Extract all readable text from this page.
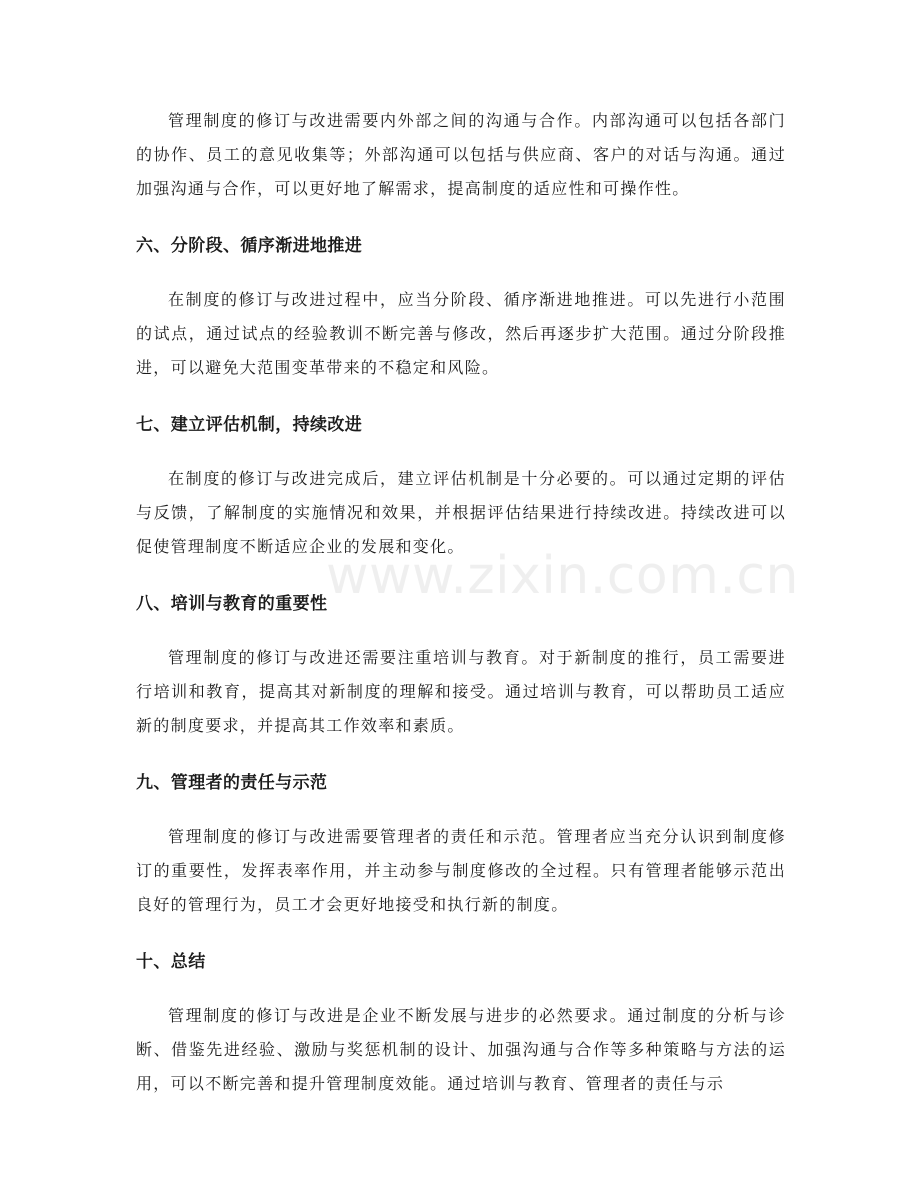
管理制度的修订与改进需要内外部之间的沟通与合作。内部沟通可以包括各部门的协作、员工的意见收集等；外部沟通可以包括与供应商、客户的对话与沟通。通过加强沟通与合作，可以更好地了解需求，提高制度的适应性和可操作性。

六、分阶段、循序渐进地推进

在制度的修订与改进过程中，应当分阶段、循序渐进地推进。可以先进行小范围的试点，通过试点的经验教训不断完善与修改，然后再逐步扩大范围。通过分阶段推进，可以避免大范围变革带来的不稳定和风险。

七、建立评估机制，持续改进

在制度的修订与改进完成后，建立评估机制是十分必要的。可以通过定期的评估与反馈，了解制度的实施情况和效果，并根据评估结果进行持续改进。持续改进可以促使管理制度不断适应企业的发展和变化。

八、培训与教育的重要性

管理制度的修订与改进还需要注重培训与教育。对于新制度的推行，员工需要进行培训和教育，提高其对新制度的理解和接受。通过培训与教育，可以帮助员工适应新的制度要求，并提高其工作效率和素质。

九、管理者的责任与示范

管理制度的修订与改进需要管理者的责任和示范。管理者应当充分认识到制度修订的重要性，发挥表率作用，并主动参与制度修改的全过程。只有管理者能够示范出良好的管理行为，员工才会更好地接受和执行新的制度。

十、总结

管理制度的修订与改进是企业不断发展与进步的必然要求。通过制度的分析与诊断、借鉴先进经验、激励与奖惩机制的设计、加强沟通与合作等多种策略与方法的运用，可以不断完善和提升管理制度效能。通过培训与教育、管理者的责任与示

www.zixin.com.cn
